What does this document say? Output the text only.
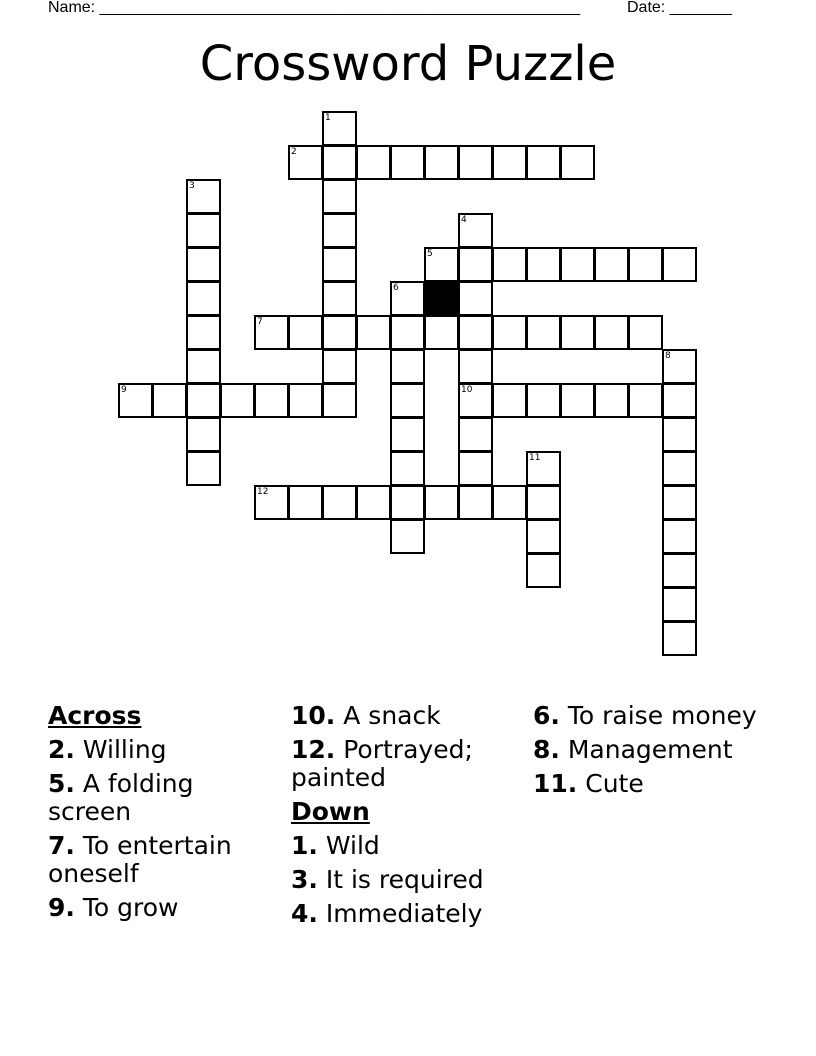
Name: ______________________________________________________	Date: _______
Crossword Puzzle
1
2
3
4
10
5
6
7
8
9
11
12
Across
2. Willing
5. A folding screen
7. To entertain oneself
9. To grow
10. A snack
12. Portrayed; painted
Down
1. Wild
3. It is required
4. Immediately
6. To raise money
8. Management
11. Cute
